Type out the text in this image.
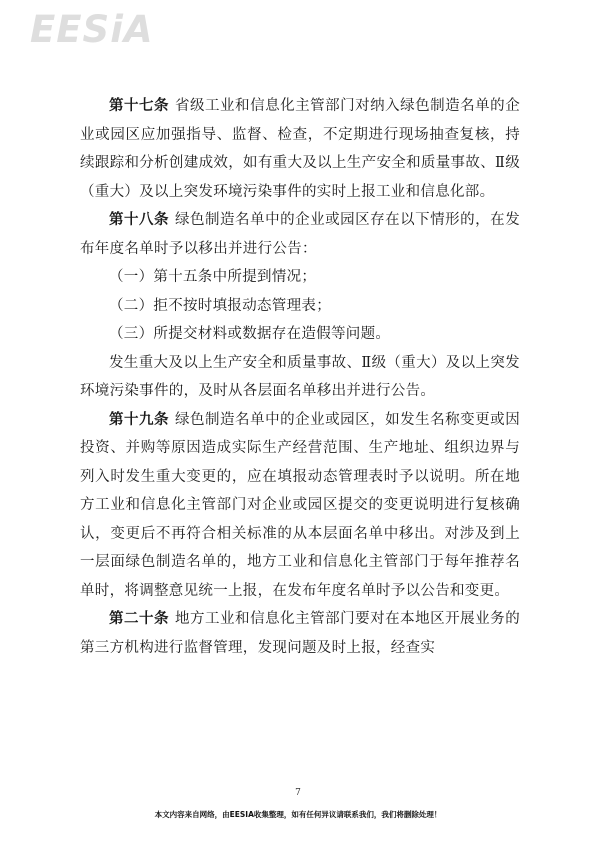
EESiA

第十七条 省级工业和信息化主管部门对纳入绿色制造名单的企业或园区应加强指导、监督、检查，不定期进行现场抽查复核，持续跟踪和分析创建成效，如有重大及以上生产安全和质量事故、Ⅱ级（重大）及以上突发环境污染事件的实时上报工业和信息化部。

第十八条 绿色制造名单中的企业或园区存在以下情形的，在发布年度名单时予以移出并进行公告：

（一）第十五条中所提到情况；

（二）拒不按时填报动态管理表；

（三）所提交材料或数据存在造假等问题。

发生重大及以上生产安全和质量事故、Ⅱ级（重大）及以上突发环境污染事件的，及时从各层面名单移出并进行公告。

第十九条 绿色制造名单中的企业或园区，如发生名称变更或因投资、并购等原因造成实际生产经营范围、生产地址、组织边界与列入时发生重大变更的，应在填报动态管理表时予以说明。所在地方工业和信息化主管部门对企业或园区提交的变更说明进行复核确认，变更后不再符合相关标准的从本层面名单中移出。对涉及到上一层面绿色制造名单的，地方工业和信息化主管部门于每年推荐名单时，将调整意见统一上报，在发布年度名单时予以公告和变更。

第二十条 地方工业和信息化主管部门要对在本地区开展业务的第三方机构进行监督管理，发现问题及时上报，经查实

7
本文内容来自网络，由EESIA收集整理，如有任何异议请联系我们，我们将删除处理！
